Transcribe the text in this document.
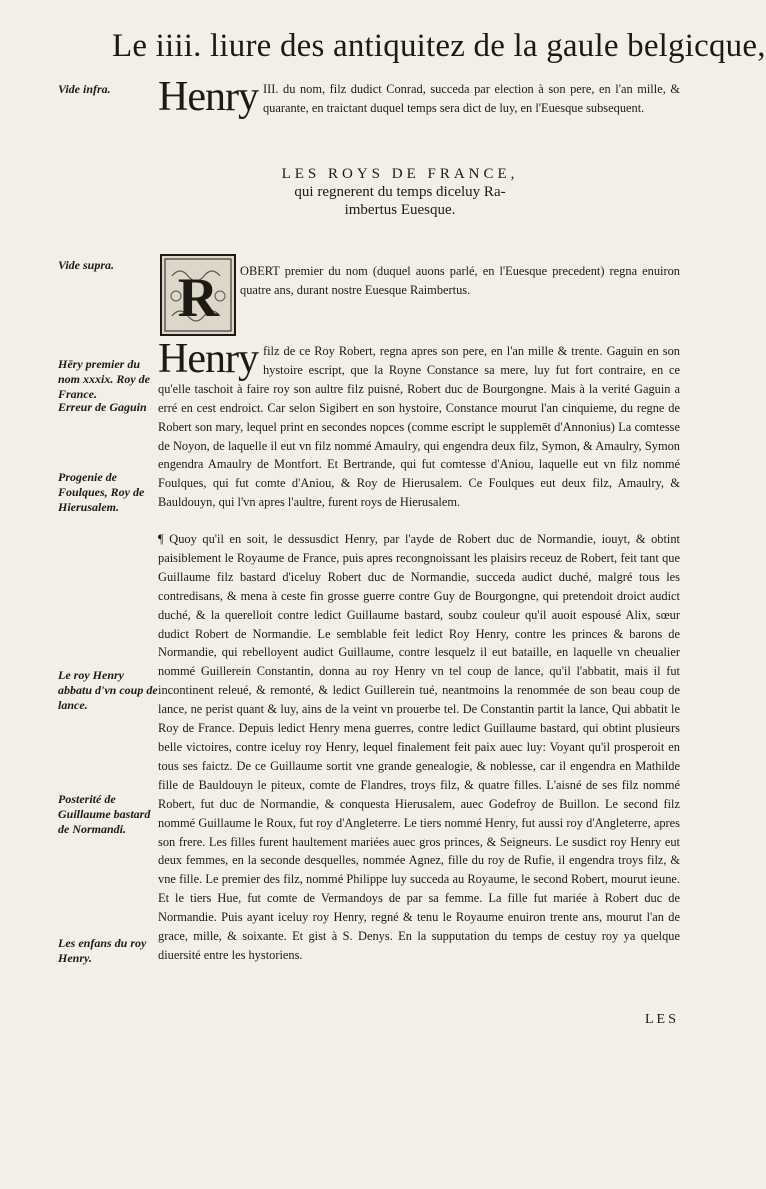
Le iiii. liure des antiquitez de la gaule belgicque,
Vide infra.	Henry III. du nom, filz dudict Conrad, succeda par election à son pere, en l'an mille, & quarante, en traictant duquel temps sera dict de luy, en l'Euesque subsequent.
LES ROYS DE FRANCE,
qui regnerent du temps diceluy Ra-
imbertus Euesque.
Vide supra.
R OBERT premier du nom (duquel auons parlé, en l'Euesque precedent) regna enuiron quatre ans, durant nostre Euesque Raimbertus.
Hēry premier du nom xxxix. Roy de France.
Erreur de Gaguin
Progenie de Foulques, Roy de Hierusalem.
Henry filz de ce Roy Robert, regna apres son pere, en l'an mille & trente. Gaguin en son hystoire escript, que la Royne Constance sa mere, luy fut fort contraire, en ce qu'elle taschoit à faire roy son aultre filz puisné, Robert duc de Bourgongne. Mais à la verité Gaguin a erré en cest endroict. Car selon Sigibert en son hystoire, Constance mourut l'an cinquieme, du regne de Robert son mary, lequel print en secondes nopces (comme escript le supplemēt d'Annonius) La comtesse de Noyon, de laquelle il eut vn filz nommé Amaulry, qui engendra deux filz, Symon, & Amaulry, Symon engendra Amaulry de Montfort. Et Bertrande, qui fut comtesse d'Aniou, laquelle eut vn filz nommé Foulques, qui fut comte d'Aniou, & Roy de Hierusalem. Ce Foulques eut deux filz, Amaulry, & Bauldouyn, qui l'vn apres l'aultre, furent roys de Hierusalem.
Le roy Henry abbatu d'vn coup de lance.
Posterité de Guillaume bastard de Normandi.
Les enfans du roy Henry.
¶ Quoy qu'il en soit, le dessusdict Henry, par l'ayde de Robert duc de Normandie, iouyt, & obtint paisiblement le Royaume de France, puis apres recongnoissant les plaisirs receuz de Robert, feit tant que Guillaume filz bastard d'iceluy Robert duc de Normandie, succeda audict duché, malgré tous les contredisans, & mena à ceste fin grosse guerre contre Guy de Bourgongne, qui pretendoit droict audict duché, & la querelloit contre ledict Guillaume bastard, soubz couleur qu'il auoit espousé Alix, sœur dudict Robert de Normandie. Le semblable feit ledict Roy Henry, contre les princes & barons de Normandie, qui rebelloyent audict Guillaume, contre lesquelz il eut bataille, en laquelle vn cheualier nommé Guillerein Constantin, donna au roy Henry vn tel coup de lance, qu'il l'abbatit, mais il fut incontinent releué, & remonté, & ledict Guillerein tué, neantmoins la renommée de son beau coup de lance, ne perist quant & luy, ains de la veint vn prouerbe tel. De Constantin partit la lance, Qui abbatit le Roy de France. Depuis ledict Henry mena guerres, contre ledict Guillaume bastard, qui obtint plusieurs belle victoires, contre iceluy roy Henry, lequel finalement feit paix auec luy: Voyant qu'il prosperoit en tous ses faictz. De ce Guillaume sortit vne grande genealogie, & noblesse, car il engendra en Mathilde fille de Bauldouyn le piteux, comte de Flandres, troys filz, & quatre filles. L'aisné de ses filz nommé Robert, fut duc de Normandie, & conquesta Hierusalem, auec Godefroy de Buillon. Le second filz nommé Guillaume le Roux, fut roy d'Angleterre. Le tiers nommé Henry, fut aussi roy d'Angleterre, apres son frere. Les filles furent haultement mariées auec gros princes, & Seigneurs. Le susdict roy Henry eut deux femmes, en la seconde desquelles, nommée Agnez, fille du roy de Rufie, il engendra troys filz, & vne fille. Le premier des filz, nommé Philippe luy succeda au Royaume, le second Robert, mourut ieune. Et le tiers Hue, fut comte de Vermandoys de par sa femme. La fille fut mariée à Robert duc de Normandie. Puis ayant iceluy roy Henry, regné & tenu le Royaume enuiron trente ans, mourut l'an de grace, mille, & soixante. Et gist à S. Denys. En la supputation du temps de cestuy roy ya quelque diuersité entre les hystoriens.
LES
